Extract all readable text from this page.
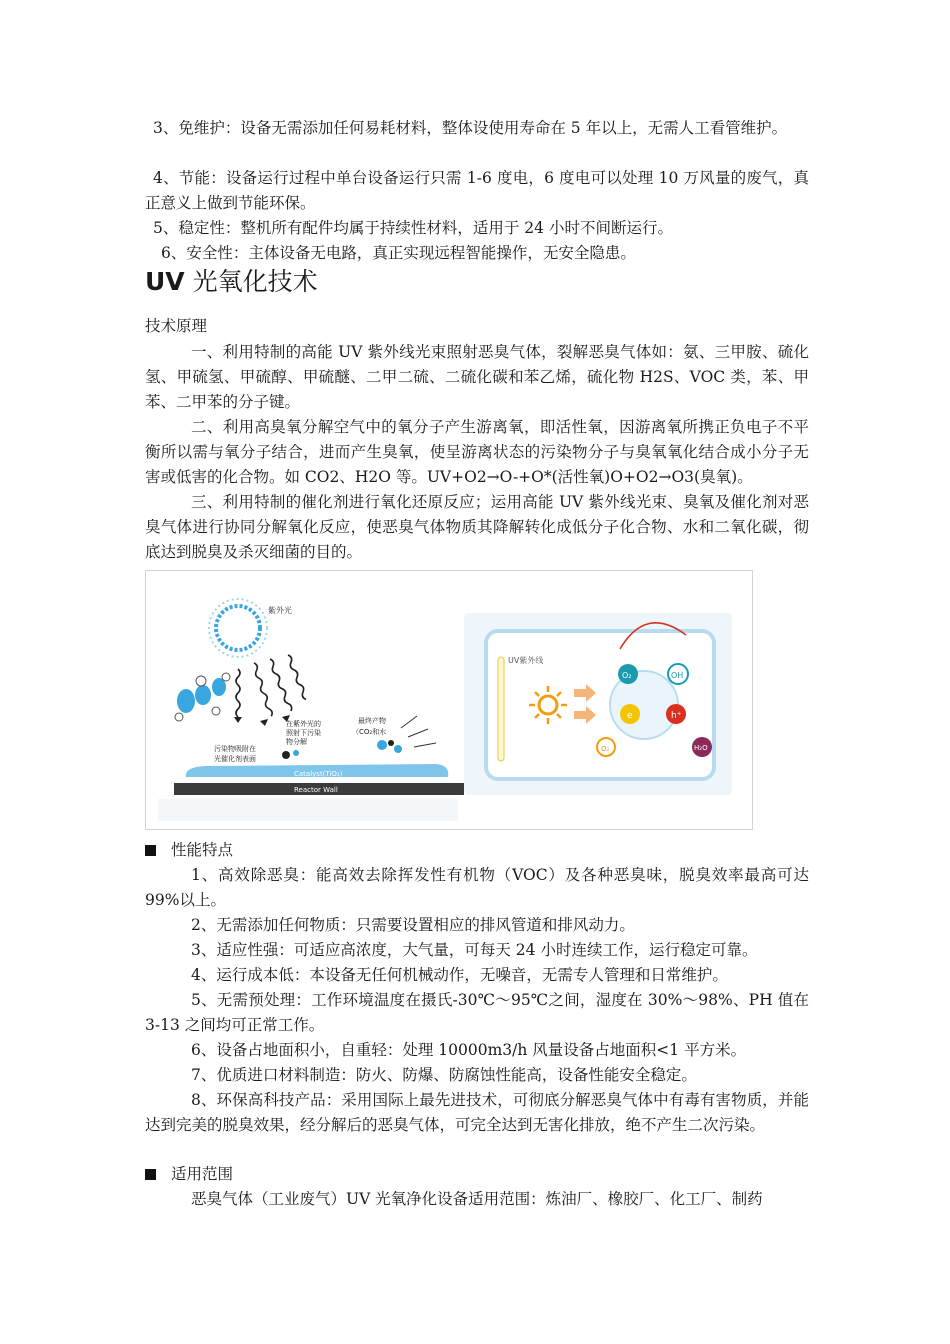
3、免维护：设备无需添加任何易耗材料，整体设使用寿命在 5 年以上，无需人工看管维护。

4、节能：设备运行过程中单台设备运行只需 1-6 度电，6 度电可以处理 10 万风量的废气，真正意义上做到节能环保。

5、稳定性：整机所有配件均属于持续性材料，适用于 24 小时不间断运行。

6、安全性：主体设备无电路，真正实现远程智能操作，无安全隐患。

UV 光氧化技术

技术原理

一、利用特制的高能 UV 紫外线光束照射恶臭气体，裂解恶臭气体如：氨、三甲胺、硫化氢、甲硫氢、甲硫醇、甲硫醚、二甲二硫、二硫化碳和苯乙烯，硫化物 H2S、VOC 类，苯、甲苯、二甲苯的分子键。

二、利用高臭氧分解空气中的氧分子产生游离氧，即活性氧，因游离氧所携正负电子不平衡所以需与氧分子结合，进而产生臭氧，使呈游离状态的污染物分子与臭氧氧化结合成小分子无害或低害的化合物。如 CO2、H2O 等。UV+O2→O-+O*(活性氧)O+O2→O3(臭氧)。

三、利用特制的催化剂进行氧化还原反应；运用高能 UV 紫外线光束、臭氧及催化剂对恶臭气体进行协同分解氧化反应，使恶臭气体物质其降解转化成低分子化合物、水和二氧化碳，彻底达到脱臭及杀灭细菌的目的。

紫外光
在紫外光的
照射下污染
物分解
最终产物
（CO₂和水
污染物吸附在
光催化剂表面
Catalyst(TiO₂)
Reactor Wall
UV紫外线
O₂	OH
e	h⁺
O₂	H₂O

性能特点

1、高效除恶臭：能高效去除挥发性有机物（VOC）及各种恶臭味，脱臭效率最高可达 99%以上。

2、无需添加任何物质：只需要设置相应的排风管道和排风动力。

3、适应性强：可适应高浓度，大气量，可每天 24 小时连续工作，运行稳定可靠。

4、运行成本低：本设备无任何机械动作，无噪音，无需专人管理和日常维护。

5、无需预处理：工作环境温度在摄氏-30℃～95℃之间，湿度在 30%～98%、PH 值在 3-13 之间均可正常工作。

6、设备占地面积小，自重轻：处理 10000m3/h 风量设备占地面积<1 平方米。

7、优质进口材料制造：防火、防爆、防腐蚀性能高，设备性能安全稳定。

8、环保高科技产品：采用国际上最先进技术，可彻底分解恶臭气体中有毒有害物质，并能达到完美的脱臭效果，经分解后的恶臭气体，可完全达到无害化排放，绝不产生二次污染。

适用范围

恶臭气体（工业废气）UV 光氧净化设备适用范围：炼油厂、橡胶厂、化工厂、制药
